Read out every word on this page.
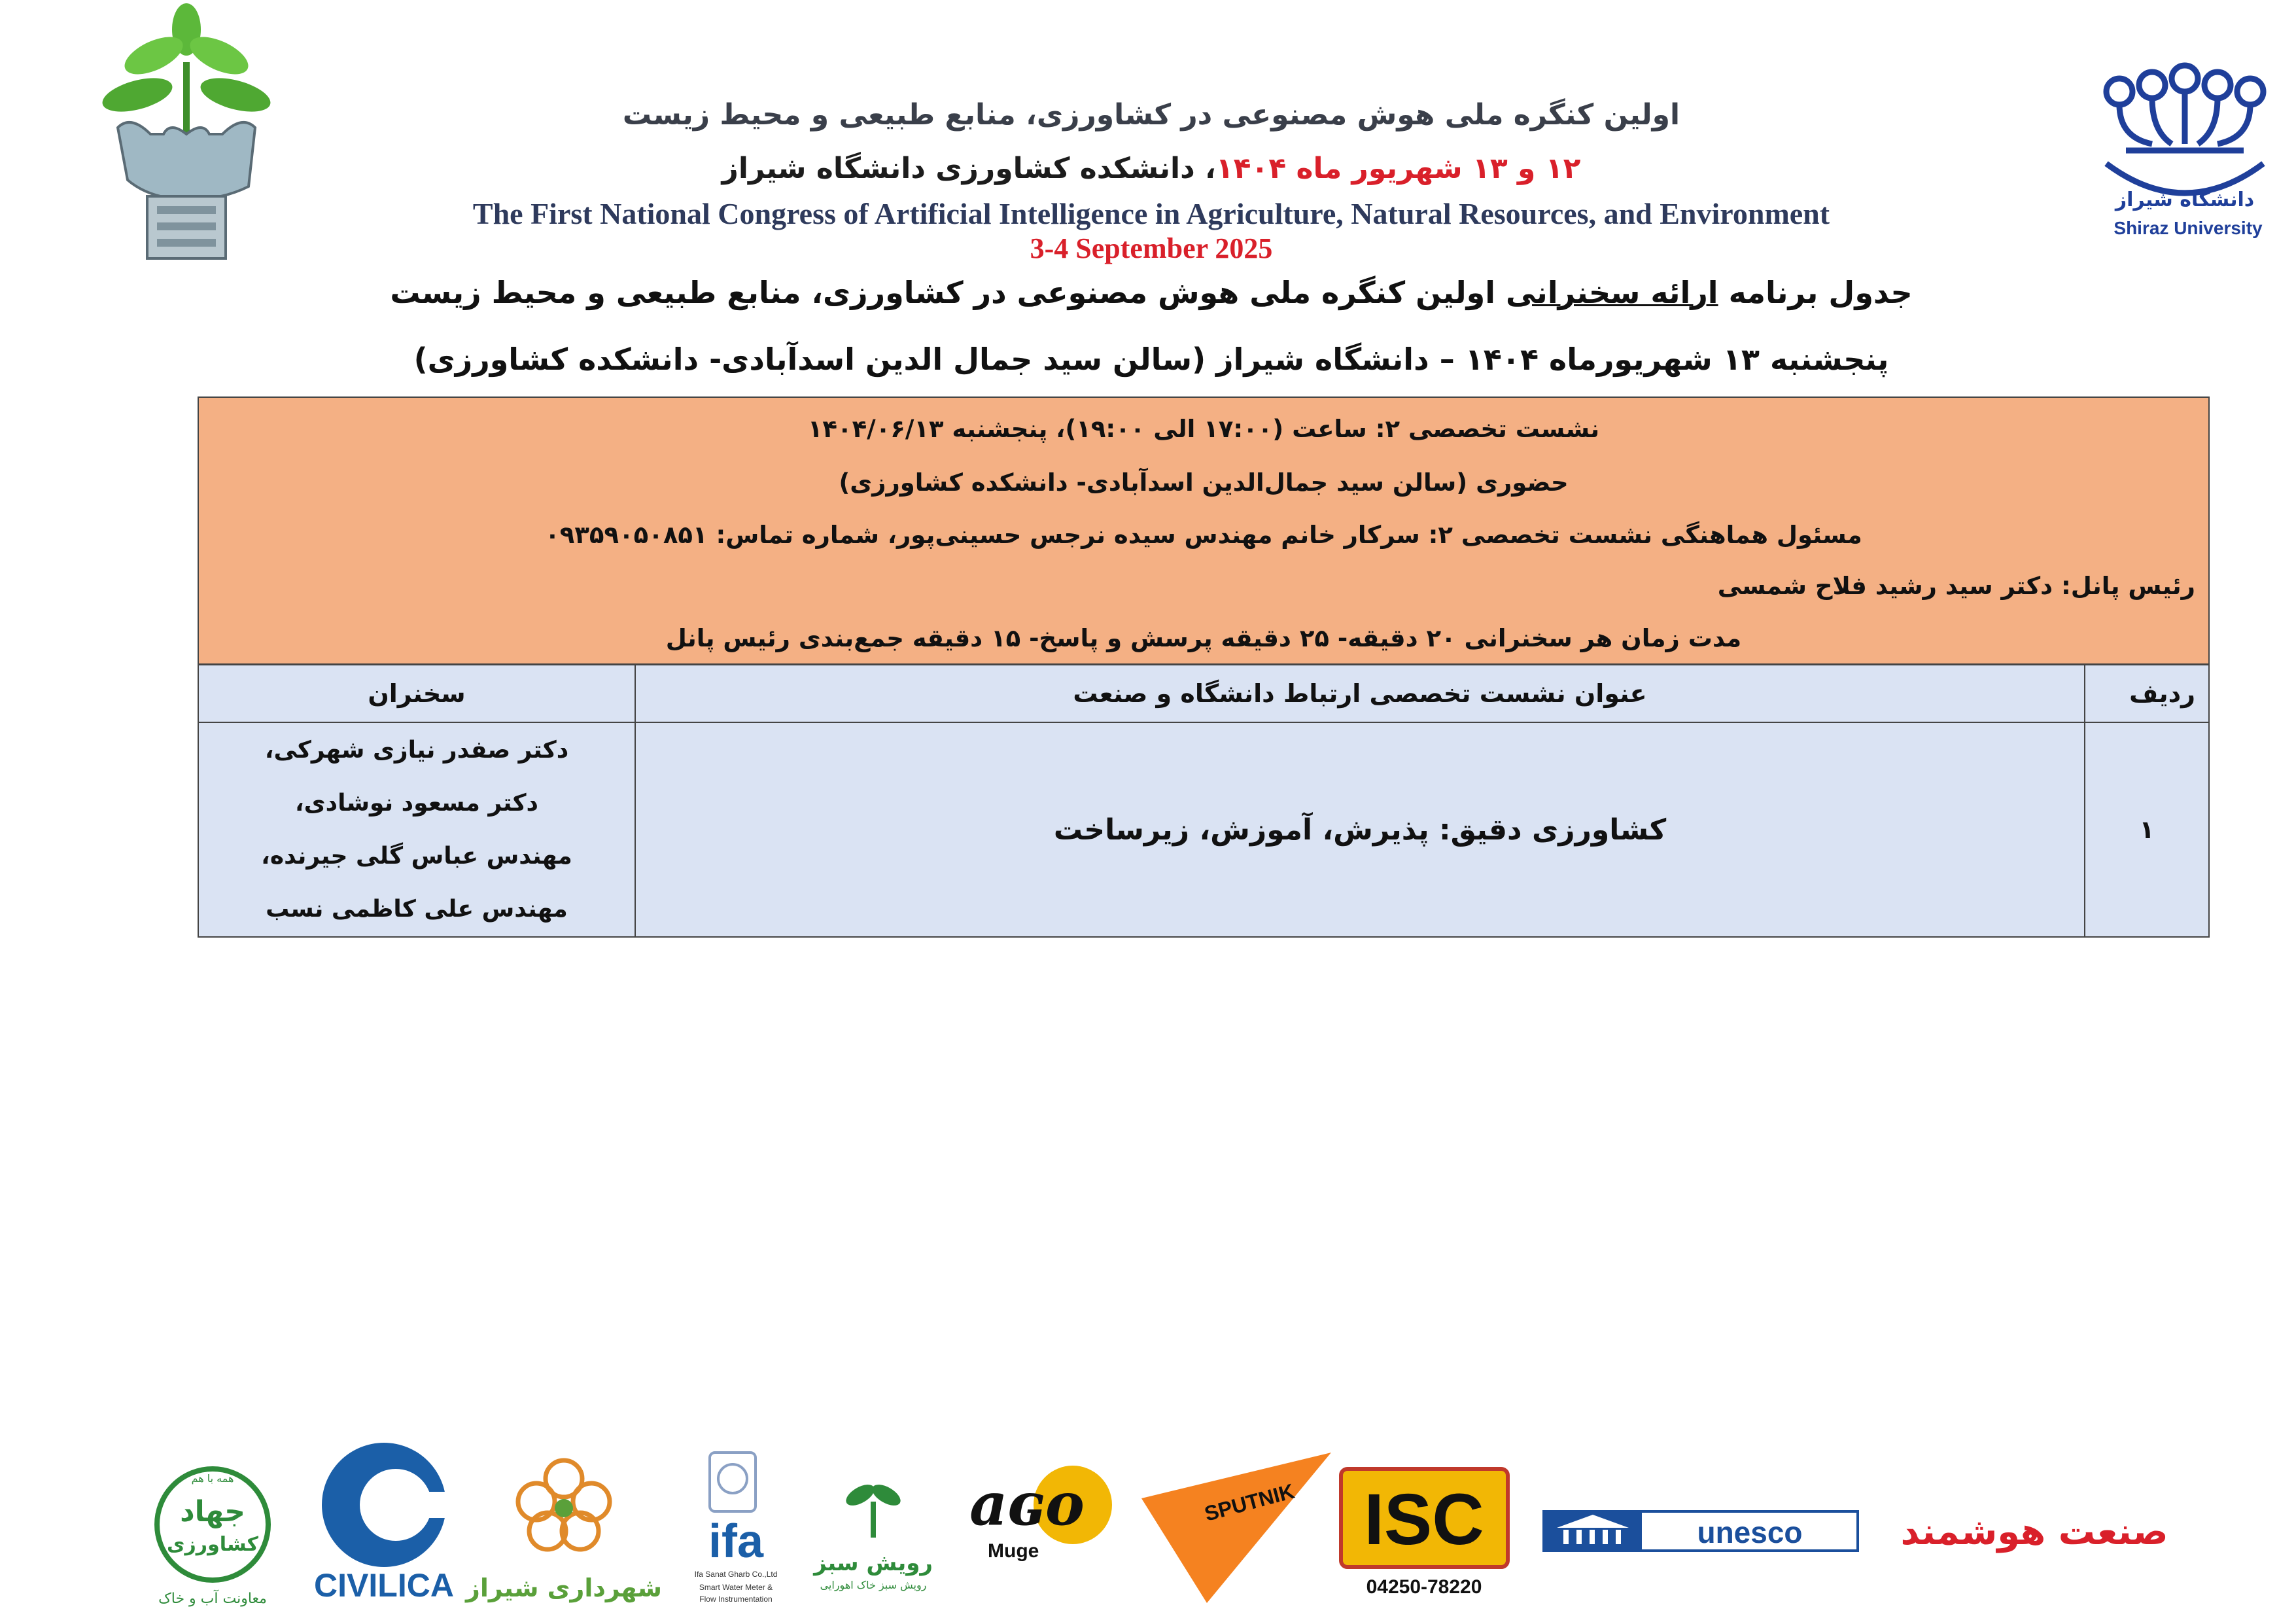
دانشگاه شیراز
Shiraz University
اولین کنگره ملی هوش مصنوعی در کشاورزی، منابع طبیعی و محیط زیست
۱۲ و ۱۳ شهریور ماه ۱۴۰۴، دانشکده کشاورزی دانشگاه شیراز
The First National Congress of Artificial Intelligence in Agriculture, Natural Resources, and Environment
3-4 September 2025
جدول برنامه ارائه سخنرانی اولین کنگره ملی هوش مصنوعی در کشاورزی، منابع طبیعی و محیط زیست
پنجشنبه ۱۳ شهریورماه ۱۴۰۴ – دانشگاه شیراز (سالن سید جمال الدین اسدآبادی- دانشکده کشاورزی)
نشست تخصصی ۲: ساعت (۱۷:۰۰ الی ۱۹:۰۰)، پنجشنبه ۱۴۰۴/۰۶/۱۳
حضوری (سالن سید جمال‌الدین اسدآبادی- دانشکده کشاورزی)
مسئول هماهنگی نشست تخصصی ۲: سرکار خانم مهندس سیده نرجس حسینی‌پور، شماره تماس: ۰۹۳۵۹۰۵۰۸۵۱
رئیس پانل: دکتر سید رشید فلاح شمسی
مدت زمان هر سخنرانی ۲۰ دقیقه- ۲۵ دقیقه پرسش و پاسخ- ۱۵ دقیقه جمع‌بندی رئیس پانل
ردیف	عنوان نشست تخصصی ارتباط دانشگاه و صنعت	سخنران
۱	کشاورزی دقیق: پذیرش، آموزش، زیرساخت	دکتر صفدر نیازی شهرکی،
دکتر مسعود نوشادی،
مهندس عباس گلی جیرنده،
مهندس علی کاظمی نسب
همه با هم
جهاد
کشاورزی
معاونت آب و خاک CIVILICA شهرداری شیراز
ifa
Ifa Sanat Gharb Co.,Ltd
Smart Water Meter &
Flow Instrumentation
رویش سبز
رویش سبز خاک اهورایی
aɢo
Muge
SPUTNIK ISC
04250-78220
unesco	صنعت هوشمند
